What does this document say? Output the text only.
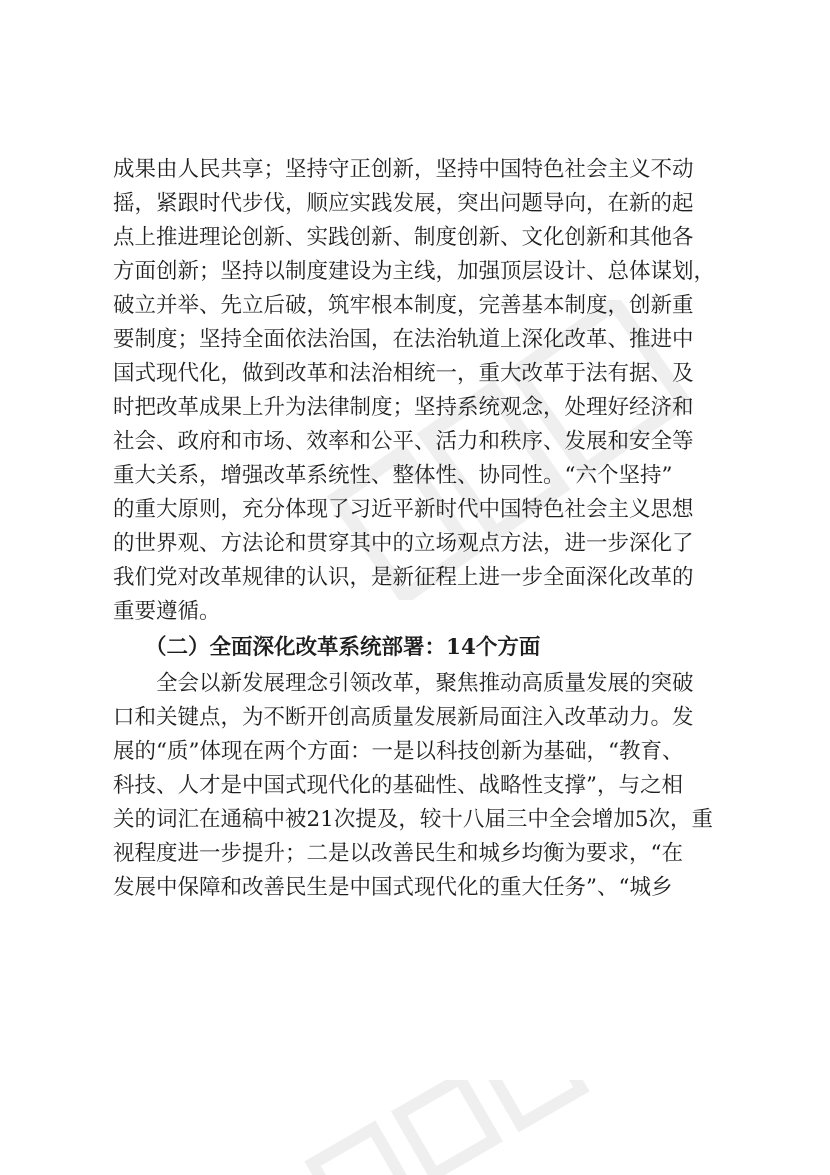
成果由人民共享；坚持守正创新，坚持中国特色社会主义不动
摇，紧跟时代步伐，顺应实践发展，突出问题导向，在新的起
点上推进理论创新、实践创新、制度创新、文化创新和其他各
方面创新；坚持以制度建设为主线，加强顶层设计、总体谋划，
破立并举、先立后破，筑牢根本制度，完善基本制度，创新重
要制度；坚持全面依法治国，在法治轨道上深化改革、推进中
国式现代化，做到改革和法治相统一，重大改革于法有据、及
时把改革成果上升为法律制度；坚持系统观念，处理好经济和
社会、政府和市场、效率和公平、活力和秩序、发展和安全等
重大关系，增强改革系统性、整体性、协同性。“六个坚持”
的重大原则，充分体现了习近平新时代中国特色社会主义思想
的世界观、方法论和贯穿其中的立场观点方法，进一步深化了
我们党对改革规律的认识，是新征程上进一步全面深化改革的
重要遵循。
（二）全面深化改革系统部署：14个方面
全会以新发展理念引领改革，聚焦推动高质量发展的突破
口和关键点，为不断开创高质量发展新局面注入改革动力。发
展的“质”体现在两个方面：一是以科技创新为基础，“教育、
科技、人才是中国式现代化的基础性、战略性支撑”，与之相
关的词汇在通稿中被21次提及，较十八届三中全会增加5次，重
视程度进一步提升；二是以改善民生和城乡均衡为要求，“在
发展中保障和改善民生是中国式现代化的重大任务”、“城乡
